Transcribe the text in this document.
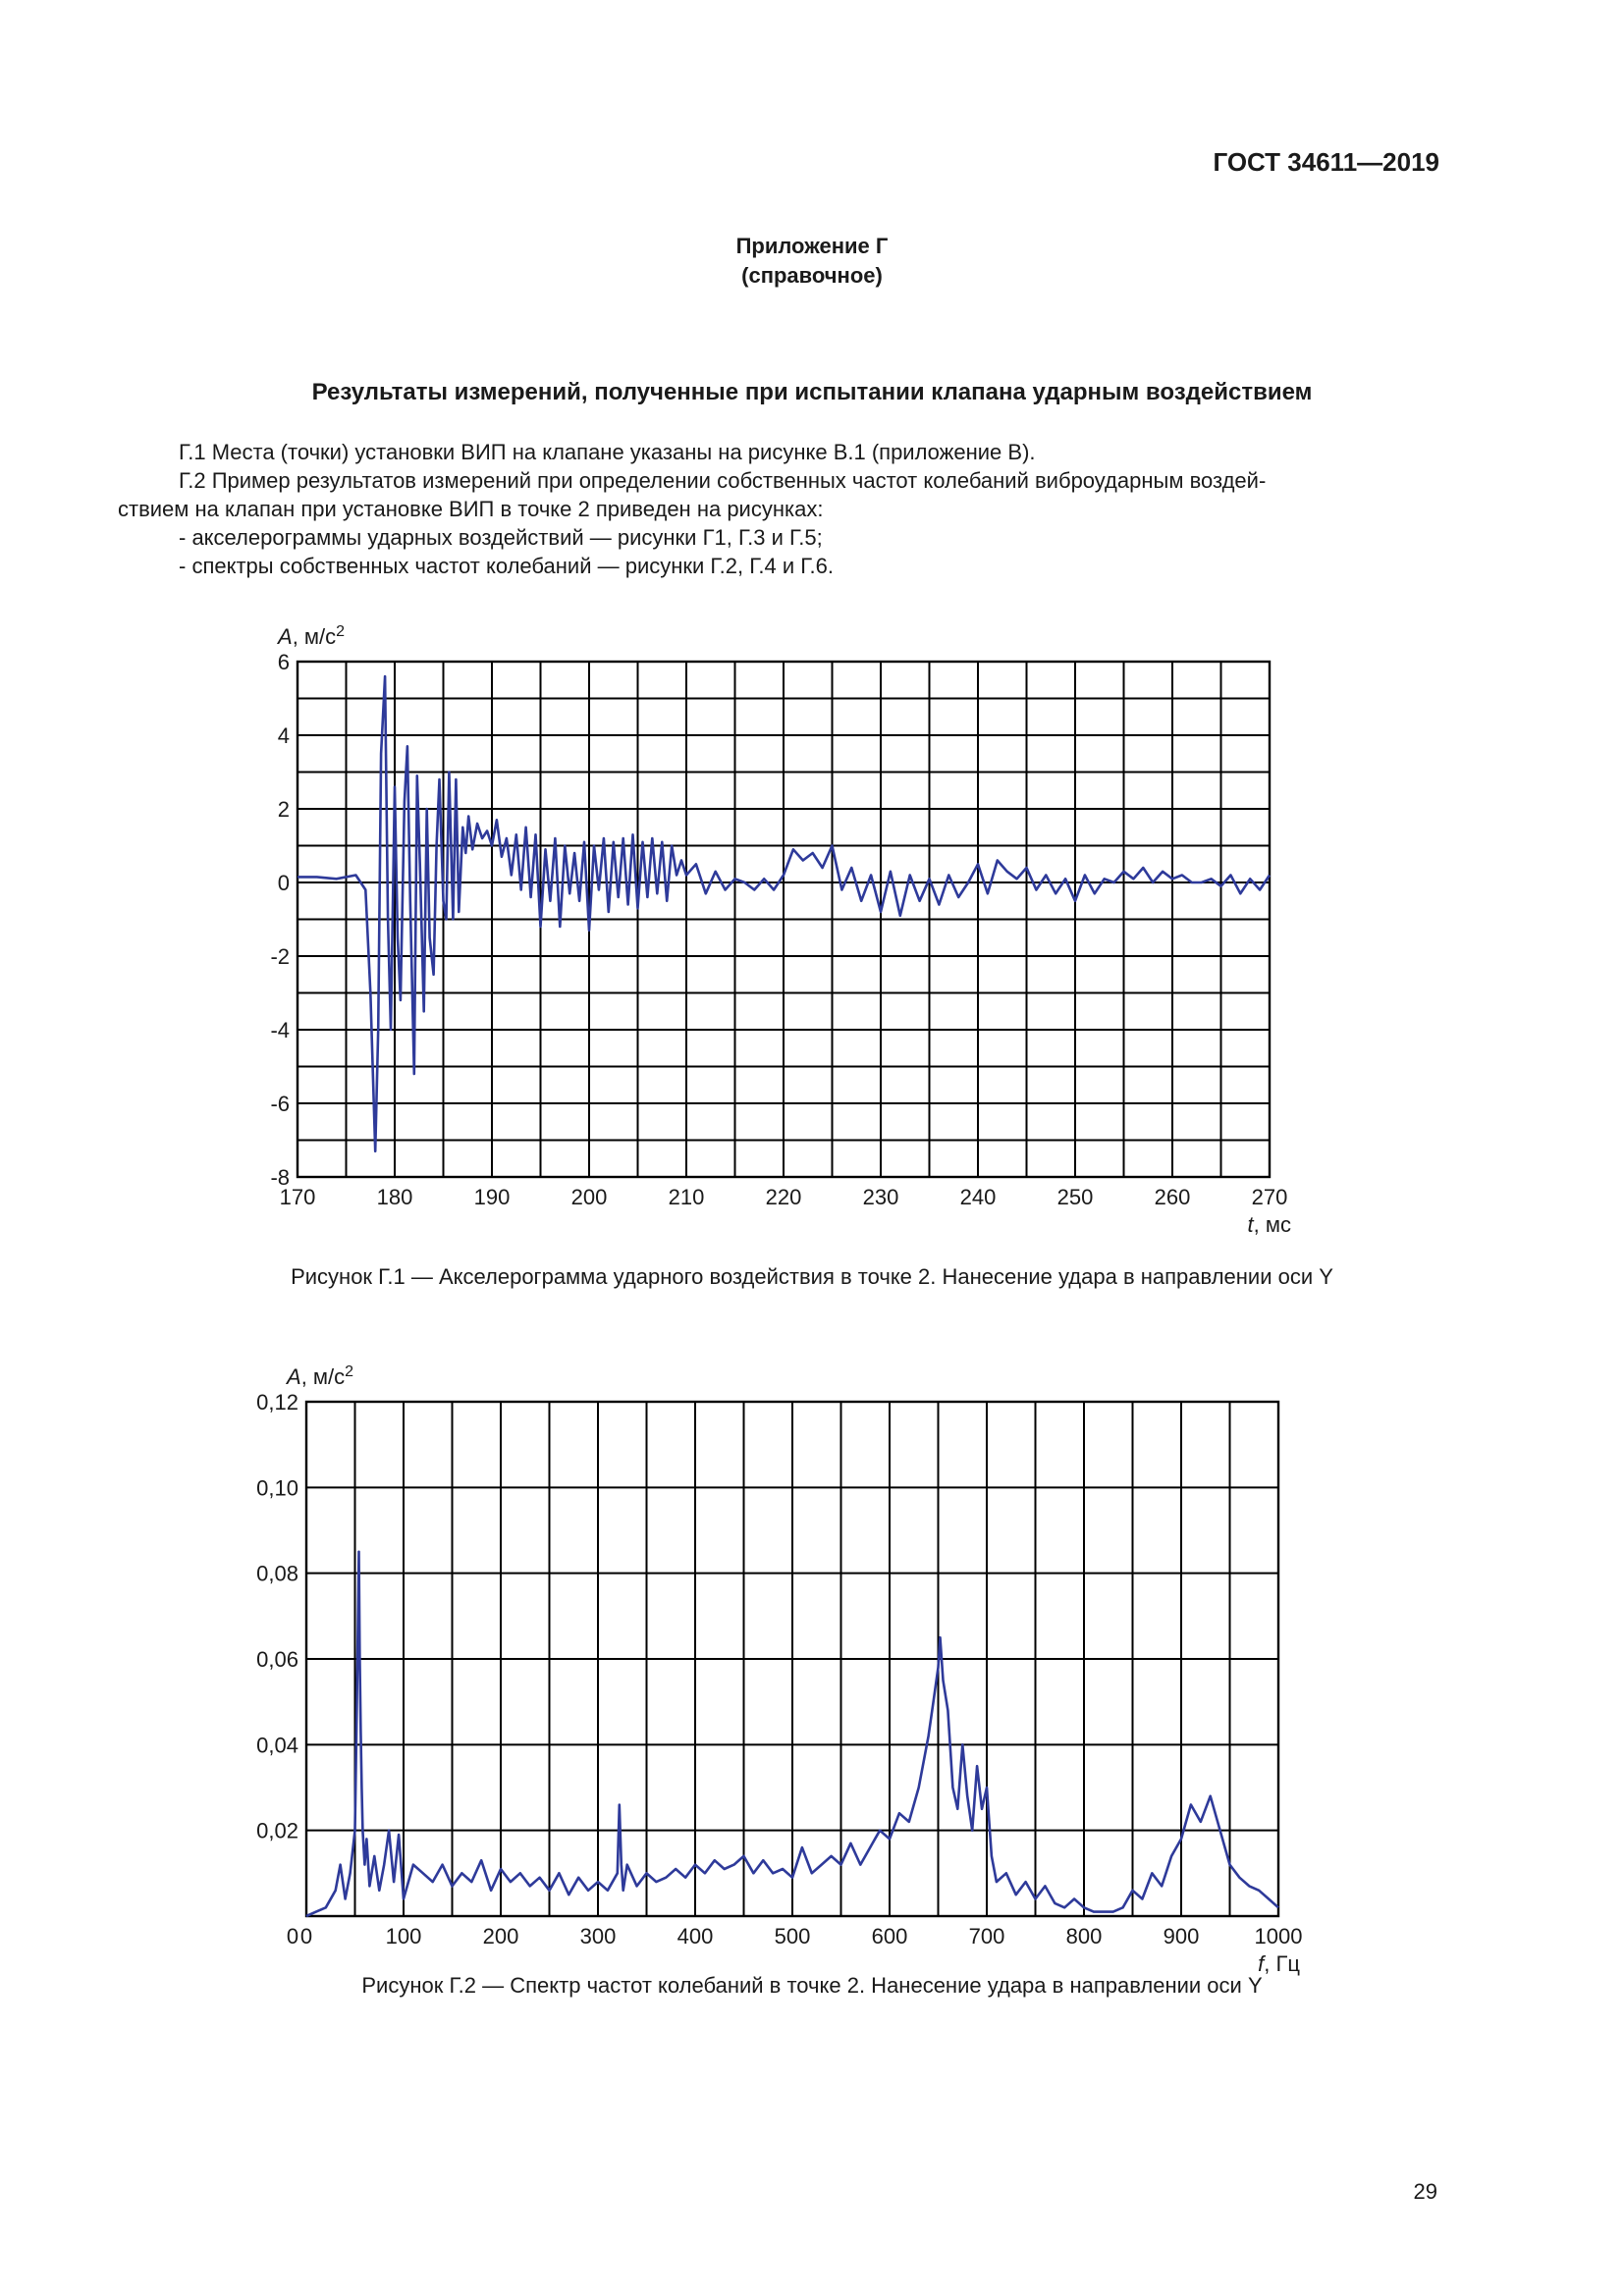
ГОСТ 34611—2019
Приложение Г
(справочное)
Результаты измерений, полученные при испытании клапана ударным воздействием
Г.1 Места (точки) установки ВИП на клапане указаны на рисунке В.1 (приложение В).
Г.2 Пример результатов измерений при определении собственных частот колебаний виброударным воздей-
ствием на клапан при установке ВИП в точке 2 приведен на рисунках:
- акселерограммы ударных воздействий — рисунки Г1, Г.3 и Г.5;
- спектры собственных частот колебаний — рисунки Г.2, Г.4 и Г.6.
-8
-6
-4
-2
0
2
4
6
170	180	190	200	210	220	230	240	250	260	270
A, $м/с^2$
t, мс
0,02
0,04
0,06
0,08
0,10
0,12
0	100	200	300	400	500	600	700	800	900	1000
0
A, $м/с^2$
f, Гц
Рисунок Г.1 — Акселерограмма ударного воздействия в точке 2. Нанесение удара в направлении оси Y
Рисунок Г.2 — Спектр частот колебаний в точке 2. Нанесение удара в направлении оси Y
29
